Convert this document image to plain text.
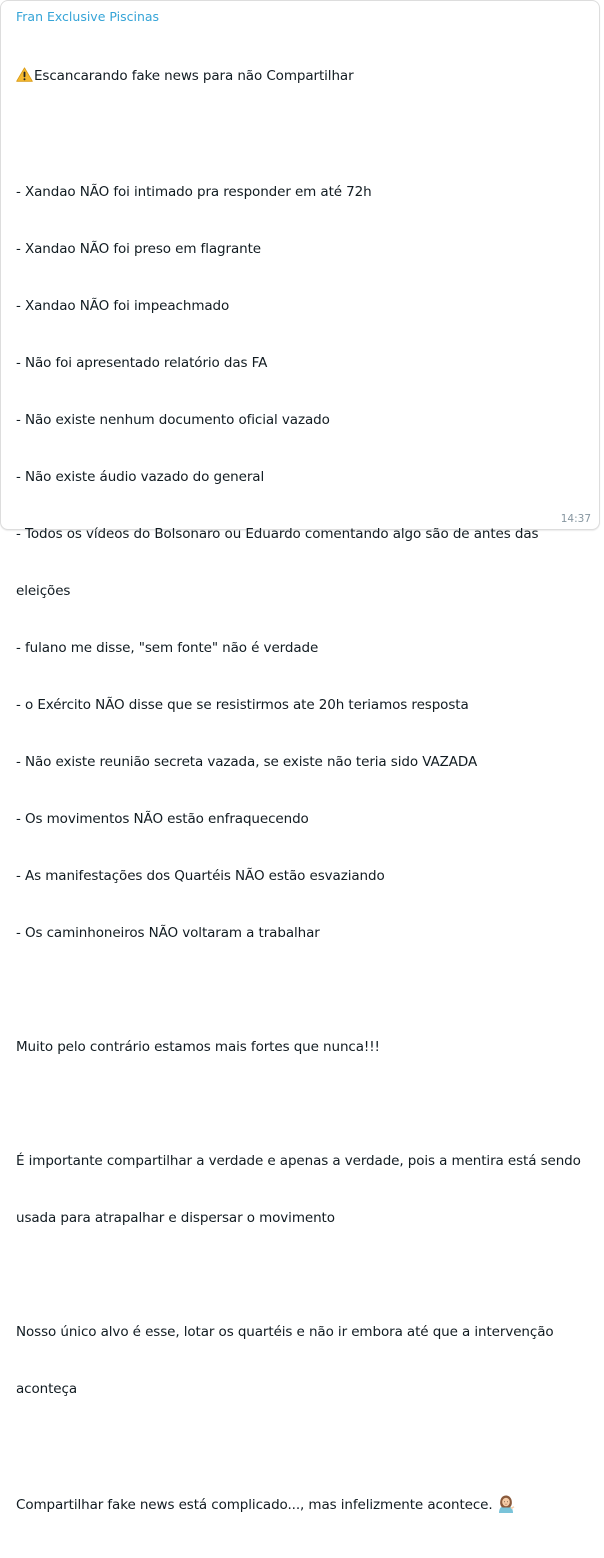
Fran Exclusive Piscinas

Escancarando fake news para não Compartilhar

- Xandao NÃO foi intimado pra responder em até 72h

- Xandao NÃO foi preso em flagrante

- Xandao NÃO foi impeachmado

- Não foi apresentado relatório das FA

- Não existe nenhum documento oficial vazado

- Não existe áudio vazado do general

- Todos os vídeos do Bolsonaro ou Eduardo comentando algo são de antes das

eleições

- fulano me disse, "sem fonte" não é verdade

- o Exército NÃO disse que se resistirmos ate 20h teriamos resposta

- Não existe reunião secreta vazada, se existe não teria sido VAZADA

- Os movimentos NÃO estão enfraquecendo

- As manifestações dos Quartéis NÃO estão esvaziando

- Os caminhoneiros NÃO voltaram a trabalhar

Muito pelo contrário estamos mais fortes que nunca!!!

É importante compartilhar a verdade e apenas a verdade, pois a mentira está sendo

usada para atrapalhar e dispersar o movimento

Nosso único alvo é esse, lotar os quartéis e não ir embora até que a intervenção

aconteça

Compartilhar fake news está complicado..., mas infelizmente acontece.

14:37
